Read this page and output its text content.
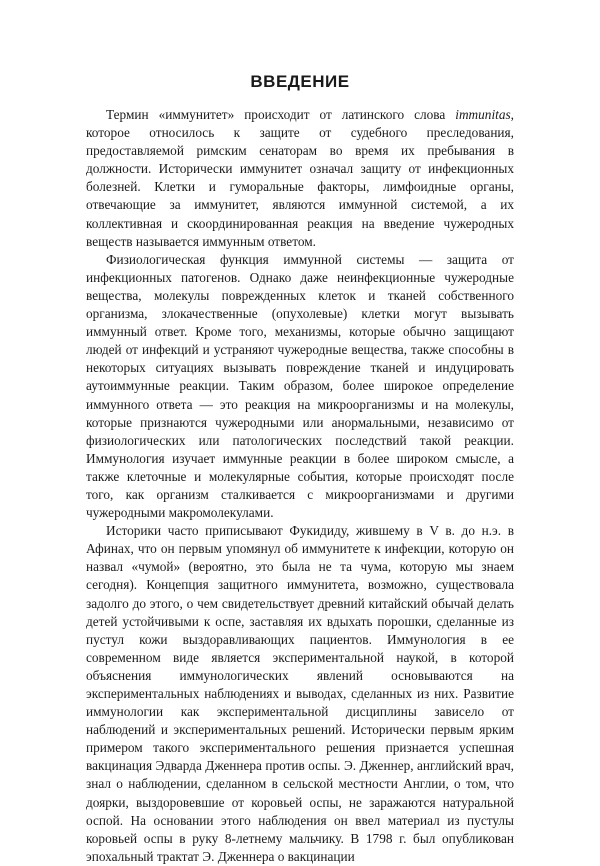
ВВЕДЕНИЕ

Термин «иммунитет» происходит от латинского слова immunitas, которое относилось к защите от судебного преследования, предоставляемой римским сенаторам во время их пребывания в должности. Исторически иммунитет означал защиту от инфекционных болезней. Клетки и гуморальные факторы, лимфоидные органы, отвечающие за иммунитет, являются иммунной системой, а их коллективная и скоординированная реакция на введение чужеродных веществ называется иммунным ответом.

Физиологическая функция иммунной системы — защита от инфекционных патогенов. Однако даже неинфекционные чужеродные вещества, молекулы поврежденных клеток и тканей собственного организма, злокачественные (опухолевые) клетки могут вызывать иммунный ответ. Кроме того, механизмы, которые обычно защищают людей от инфекций и устраняют чужеродные вещества, также способны в некоторых ситуациях вызывать повреждение тканей и индуцировать аутоиммунные реакции. Таким образом, более широкое определение иммунного ответа — это реакция на микроорганизмы и на молекулы, которые признаются чужеродными или анормальными, независимо от физиологических или патологических последствий такой реакции. Иммунология изучает иммунные реакции в более широком смысле, а также клеточные и молекулярные события, которые происходят после того, как организм сталкивается с микроорганизмами и другими чужеродными макромолекулами.

Историки часто приписывают Фукидиду, жившему в V в. до н.э. в Афинах, что он первым упомянул об иммунитете к инфекции, которую он назвал «чумой» (вероятно, это была не та чума, которую мы знаем сегодня). Концепция защитного иммунитета, возможно, существовала задолго до этого, о чем свидетельствует древний китайский обычай делать детей устойчивыми к оспе, заставляя их вдыхать порошки, сделанные из пустул кожи выздоравливающих пациентов. Иммунология в ее современном виде является экспериментальной наукой, в которой объяснения иммунологических явлений основываются на экспериментальных наблюдениях и выводах, сделанных из них. Развитие иммунологии как экспериментальной дисциплины зависело от наблюдений и экспериментальных решений. Исторически первым ярким примером такого экспериментального решения признается успешная вакцинация Эдварда Дженнера против оспы. Э. Дженнер, английский врач, знал о наблюдении, сделанном в сельской местности Англии, о том, что доярки, выздоровевшие от коровьей оспы, не заражаются натуральной оспой. На основании этого наблюдения он ввел материал из пустулы коровьей оспы в руку 8-летнему мальчику. В 1798 г. был опубликован эпохальный трактат Э. Дженнера о вакцинации
